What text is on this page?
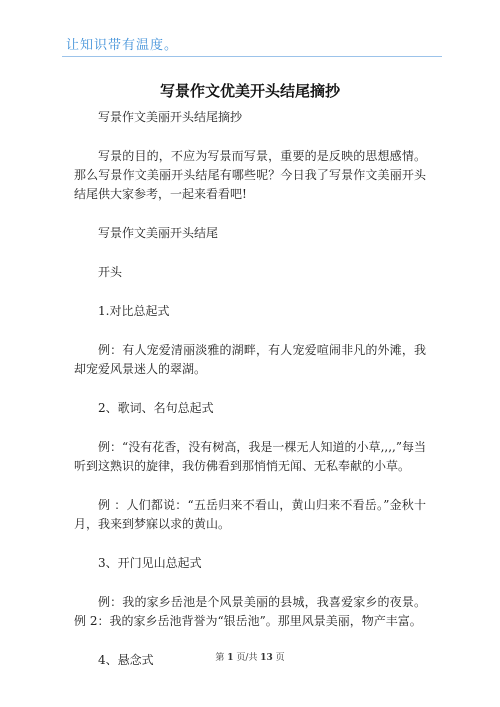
让知识带有温度。
写景作文优美开头结尾摘抄

写景作文美丽开头结尾摘抄

写景的目的，不应为写景而写景，重要的是反映的思想感情。那么写景作文美丽开头结尾有哪些呢？今日我了写景作文美丽开头结尾供大家参考，一起来看看吧!

写景作文美丽开头结尾

开头

1.对比总起式

例：有人宠爱清丽淡雅的湖畔，有人宠爱喧闹非凡的外滩，我却宠爱风景迷人的翠湖。

2、歌词、名句总起式

例：“没有花香，没有树高，我是一棵无人知道的小草,,,,”每当听到这熟识的旋律，我仿佛看到那悄悄无闻、无私奉献的小草。

例 ：人们都说：“五岳归来不看山，黄山归来不看岳。”金秋十月，我来到梦寐以求的黄山。

3、开门见山总起式

例：我的家乡岳池是个风景美丽的县城，我喜爱家乡的夜景。例 2：我的家乡岳池背誉为“银岳池”。那里风景美丽，物产丰富。

4、悬念式	第 1 页/共 13 页
